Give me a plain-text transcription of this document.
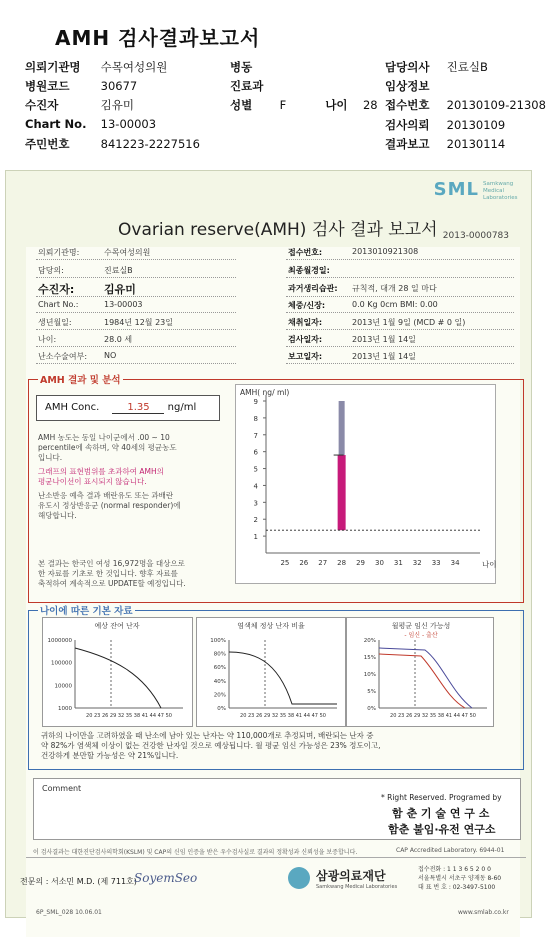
AMH 검사결과보고서
의뢰기관명 수목여성의원	병동	담당의사 진료실B
병원코드	30677	진료과	임상정보
수진자	김유미	성별 F	나이 28 접수번호 20130109-21308
Chart No. 13-00003	검사의뢰 20130109
주민번호	841223-2227516	결과보고 20130114
SML Samkwang Medical Laboratories
Ovarian reserve(AMH) 검사 결과 보고서 2013-0000783
의뢰기관명:	수목여성의원
담당의:	진료실B
수진자:	김유미
Chart No.:	13-00003
생년월일:	1984년 12월 23일
나이:	28.0 세
난소수술여부: NO
접수번호:	2013010921308
최종월경일:
과거생리습관: 규칙적, 대개 28 일 마다
체중/신장:	0.0 Kg 0cm BMI: 0.00
채취일자:	2013년 1월 9일 (MCD # 0 일)
검사일자:	2013년 1월 14일
보고일자:	2013년 1월 14일
AMH 결과 및 분석
AMH Conc.	1.35 ng/ml
AMH 농도는 동일 나이군에서 .00 ~ 10
percentile에 속하며, 약 40세의 평균농도
입니다.
그래프의 표현범위를 초과하여 AMH의
평균나이선이 표시되지 않습니다.
난소반응 예측 결과 배란유도 또는 과배란
유도시 정상반응군 (normal responder)에
해당합니다.
본 결과는 한국인 여성 16,972명을 대상으로
한 자료를 기초로 한 것입니다. 향후 자료를
축적하여 계속적으로 UPDATE할 예정입니다.
AMH( ng/ ml)
1
2
3
4
5
6
7
8
9
25 26 27 28 29 30 31 32 33 34	나이
나이에 따른 기본 자료
예상 잔여 난자
1000000
100000
10000
1000
20 23 26 29 32 35 38 41 44 47 50
염색체 정상 난자 비율
100%
80%
60%
40%
20%
0%
20 23 26 29 32 35 38 41 44 47 50
월평균 임신 가능성
- 임신 - 출산
20%
15%
10%
5%
0%
20 23 26 29 32 35 38 41 44 47 50
귀하의 나이만을 고려하였을 때 난소에 남아 있는 난자는 약 110,000개로 추정되며, 배란되는 난자 중
약 82%가 염색체 이상이 없는 건강한 난자일 것으로 예상됩니다. 월 평균 임신 가능성은 23% 정도이고,
건강하게 분만할 가능성은 약 21%입니다.
Comment
* Right Reserved. Programed by
함 춘 기 술 연 구 소
함춘 불임·유전 연구소
이 검사결과는 대한진단검사의학회(KSLM) 및 CAP의 신임 인증을 받은 우수검사실로 결과의 정확성과 신뢰성을 보증합니다.	CAP Accredited Laboratory. 6944-01
전문의 : 서소민 M.D. (제 711호)
SoyemSeo	삼광의료재단
Samkwang Medical Laboratories
접수전화 : 1 1 3 6 5 2 0 0
서울특별시 서초구 양재동 8-60
대 표 번 호 : 02-3497-5100
6P_SML_028 10.06.01	www.smlab.co.kr
